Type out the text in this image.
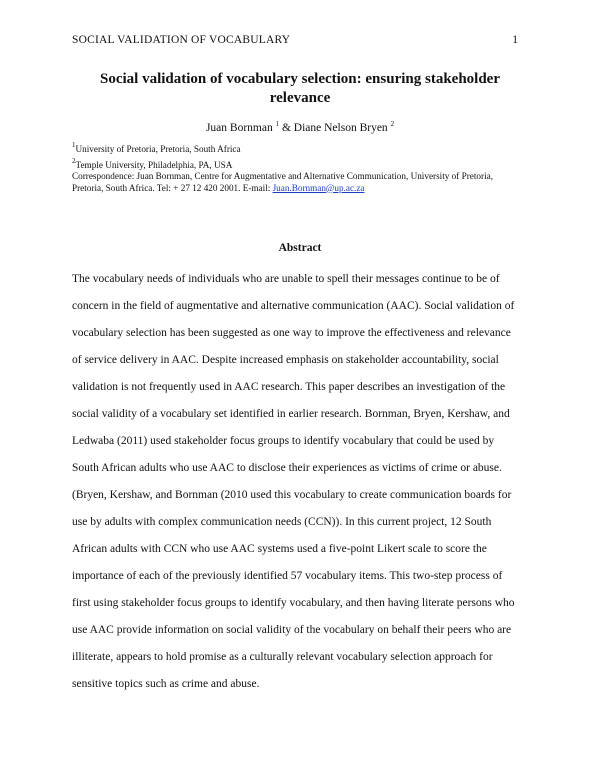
SOCIAL VALIDATION OF VOCABULARY	1
Social validation of vocabulary selection: ensuring stakeholder
relevance
Juan Bornman $^1$ & Diane Nelson Bryen $^2$
$^1$University of Pretoria, Pretoria, South Africa
$^2$Temple University, Philadelphia, PA, USA
Correspondence: Juan Bornman, Centre for Augmentative and Alternative Communication, University of Pretoria,
Pretoria, South Africa. Tel: + 27 12 420 2001. E-mail: Juan.Bornman@up.ac.za
Abstract
The vocabulary needs of individuals who are unable to spell their messages continue to be of
concern in the field of augmentative and alternative communication (AAC). Social validation of
vocabulary selection has been suggested as one way to improve the effectiveness and relevance
of service delivery in AAC. Despite increased emphasis on stakeholder accountability, social
validation is not frequently used in AAC research. This paper describes an investigation of the
social validity of a vocabulary set identified in earlier research. Bornman, Bryen, Kershaw, and
Ledwaba (2011) used stakeholder focus groups to identify vocabulary that could be used by
South African adults who use AAC to disclose their experiences as victims of crime or abuse.
(Bryen, Kershaw, and Bornman (2010 used this vocabulary to create communication boards for
use by adults with complex communication needs (CCN)). In this current project, 12 South
African adults with CCN who use AAC systems used a five-point Likert scale to score the
importance of each of the previously identified 57 vocabulary items. This two-step process of
first using stakeholder focus groups to identify vocabulary, and then having literate persons who
use AAC provide information on social validity of the vocabulary on behalf their peers who are
illiterate, appears to hold promise as a culturally relevant vocabulary selection approach for
sensitive topics such as crime and abuse.
